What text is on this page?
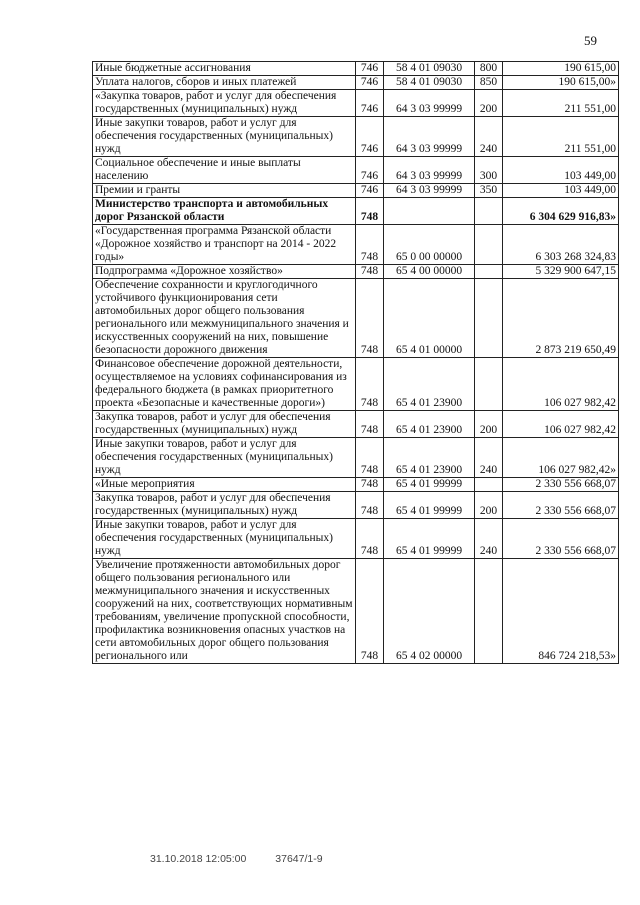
59
Иные бюджетные ассигнования	746	58 4 01 09030	800	190 615,00
Уплата налогов, сборов и иных платежей	746	58 4 01 09030	850	190 615,00»
«Закупка товаров, работ и услуг для обеспечения государственных (муниципальных) нужд	746	64 3 03 99999	200	211 551,00
Иные закупки товаров, работ и услуг для обеспечения государственных (муниципальных) нужд	746	64 3 03 99999	240	211 551,00
Социальное обеспечение и иные выплаты населению	746	64 3 03 99999	300	103 449,00
Премии и гранты	746	64 3 03 99999	350	103 449,00
Министерство транспорта и автомобильных дорог Рязанской области	748			6 304 629 916,83»
«Государственная программа Рязанской области «Дорожное хозяйство и транспорт на 2014 - 2022 годы»	748	65 0 00 00000		6 303 268 324,83
Подпрограмма «Дорожное хозяйство»	748	65 4 00 00000		5 329 900 647,15
Обеспечение сохранности и круглогодичного устойчивого функционирования сети автомобильных дорог общего пользования регионального или межмуниципального значения и искусственных сооружений на них, повышение безопасности дорожного движения	748	65 4 01 00000		2 873 219 650,49
Финансовое обеспечение дорожной деятельности, осуществляемое на условиях софинансирования из федерального бюджета (в рамках приоритетного проекта «Безопасные и качественные дороги»)	748	65 4 01 23900		106 027 982,42
Закупка товаров, работ и услуг для обеспечения государственных (муниципальных) нужд	748	65 4 01 23900	200	106 027 982,42
Иные закупки товаров, работ и услуг для обеспечения государственных (муниципальных) нужд	748	65 4 01 23900	240	106 027 982,42»
«Иные мероприятия	748	65 4 01 99999		2 330 556 668,07
Закупка товаров, работ и услуг для обеспечения государственных (муниципальных) нужд	748	65 4 01 99999	200	2 330 556 668,07
Иные закупки товаров, работ и услуг для обеспечения государственных (муниципальных) нужд	748	65 4 01 99999	240	2 330 556 668,07
Увеличение протяженности автомобильных дорог общего пользования регионального или межмуниципального значения и искусственных сооружений на них, соответствующих нормативным требованиям, увеличение пропускной способности, профилактика возникновения опасных участков на сети автомобильных дорог общего пользования регионального или	748	65 4 02 00000		846 724 218,53»
31.10.2018 12:05:00	37647/1-9
